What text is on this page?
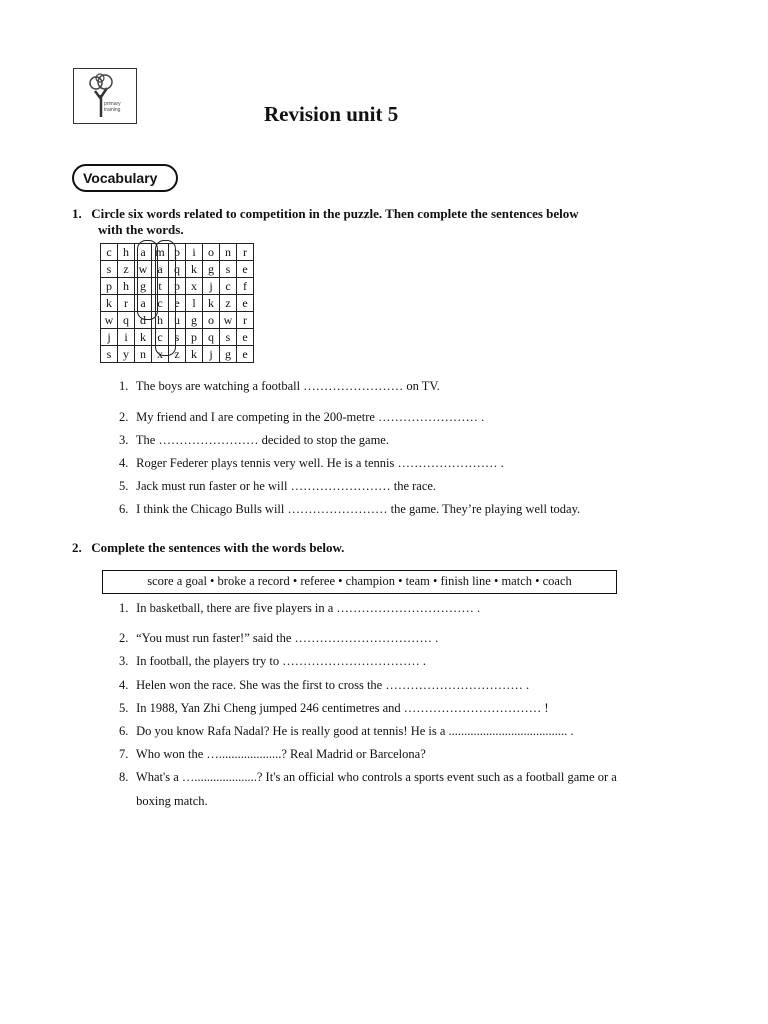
primary training	Revision unit 5
Vocabulary
1. Circle six words related to competition in the puzzle. Then complete the sentences below
with the words.
c	h	a	m	p	i	o	n	r
s	z	w	a	q	k	g	s	e
p	h	g	t	p	x	j	c	f
k	r	a	c	e	l	k	z	e
w	q	d	h	u	g	o	w	r
j	i	k	c	s	p	q	s	e
s	y	n	x	z	k	j	g	e
1. The boys are watching a football …………………… on TV.
2. My friend and I are competing in the 200-metre …………………… .
3. The …………………… decided to stop the game.
4. Roger Federer plays tennis very well. He is a tennis …………………… .
5. Jack must run faster or he will …………………… the race.
6. I think the Chicago Bulls will …………………… the game. They’re playing well today.
2. Complete the sentences with the words below.
score a goal • broke a record • referee • champion • team • finish line • match • coach
1. In basketball, there are five players in a …………………………… .
2. “You must run faster!” said the …………………………… .
3. In football, the players try to …………………………… .
4. Helen won the race. She was the first to cross the …………………………… .
5. In 1988, Yan Zhi Cheng jumped 246 centimetres and …………………………… !
6. Do you know Rafa Nadal? He is really good at tennis! He is a ...................................... .
7. Who won the …....................? Real Madrid or Barcelona?
8. What's a …....................? It's an official who controls a sports event such as a football game or a
boxing match.
